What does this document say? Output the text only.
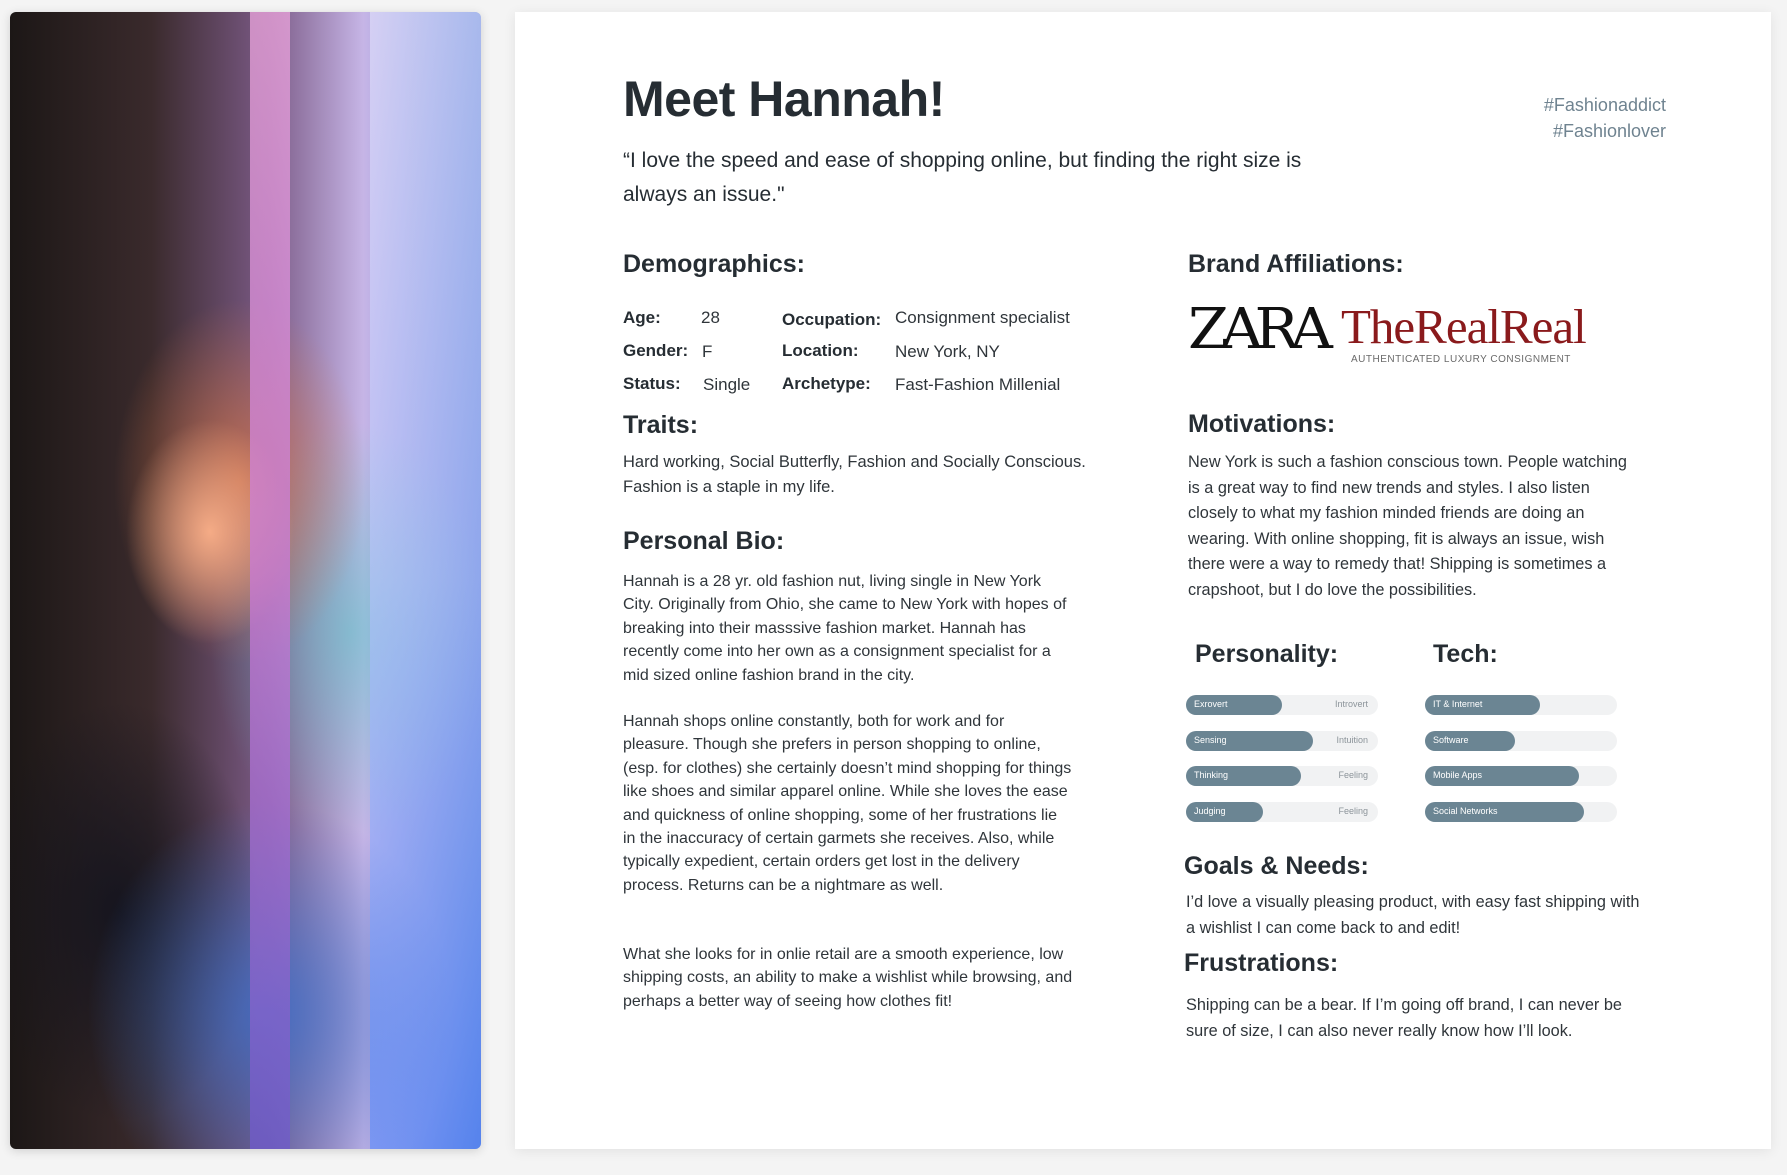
Meet Hannah!
“I love the speed and ease of shopping online, but finding the right size is always an issue."
#Fashionaddict
#Fashionlover
Demographics:
Age: 28
Gender: F
Status: Single
Occupation: Consignment specialist
Location: New York, NY
Archetype: Fast-Fashion Millenial
Traits:
Hard working, Social Butterfly, Fashion and Socially Conscious. Fashion is a staple in my life.
Personal Bio:
Hannah is a 28 yr. old fashion nut, living single in New York City. Originally from Ohio, she came to New York with hopes of breaking into their masssive fashion market. Hannah has recently come into her own as a consignment specialist for a mid sized online fashion brand in the city.
Hannah shops online constantly, both for work and for pleasure. Though she prefers in person shopping to online, (esp. for clothes) she certainly doesn’t mind shopping for things like shoes and similar apparel online. While she loves the ease and quickness of online shopping, some of her frustrations lie in the inaccuracy of certain garmets she receives. Also, while typically expedient, certain orders get lost in the delivery process. Returns can be a nightmare as well.
What she looks for in onlie retail are a smooth experience, low shipping costs, an ability to make a wishlist while browsing, and perhaps a better way of seeing how clothes fit!
Brand Affiliations:
ZARA TheRealReal
AUTHENTICATED LUXURY CONSIGNMENT
Motivations:
New York is such a fashion conscious town. People watching is a great way to find new trends and styles. I also listen closely to what my fashion minded friends are doing an wearing. With online shopping, fit is always an issue, wish there were a way to remedy that! Shipping is sometimes a crapshoot, but I do love the possibilities.
Personality:
Exrovert	Introvert
Sensing	Intuition
Thinking	Feeling
Judging	Feeling
Tech:
IT & Internet
Software
Mobile Apps
Social Networks
Goals & Needs:
I’d love a visually pleasing product, with easy fast shipping with a wishlist I can come back to and edit!
Frustrations:
Shipping can be a bear. If I’m going off brand, I can never be sure of size, I can also never really know how I’ll look.
